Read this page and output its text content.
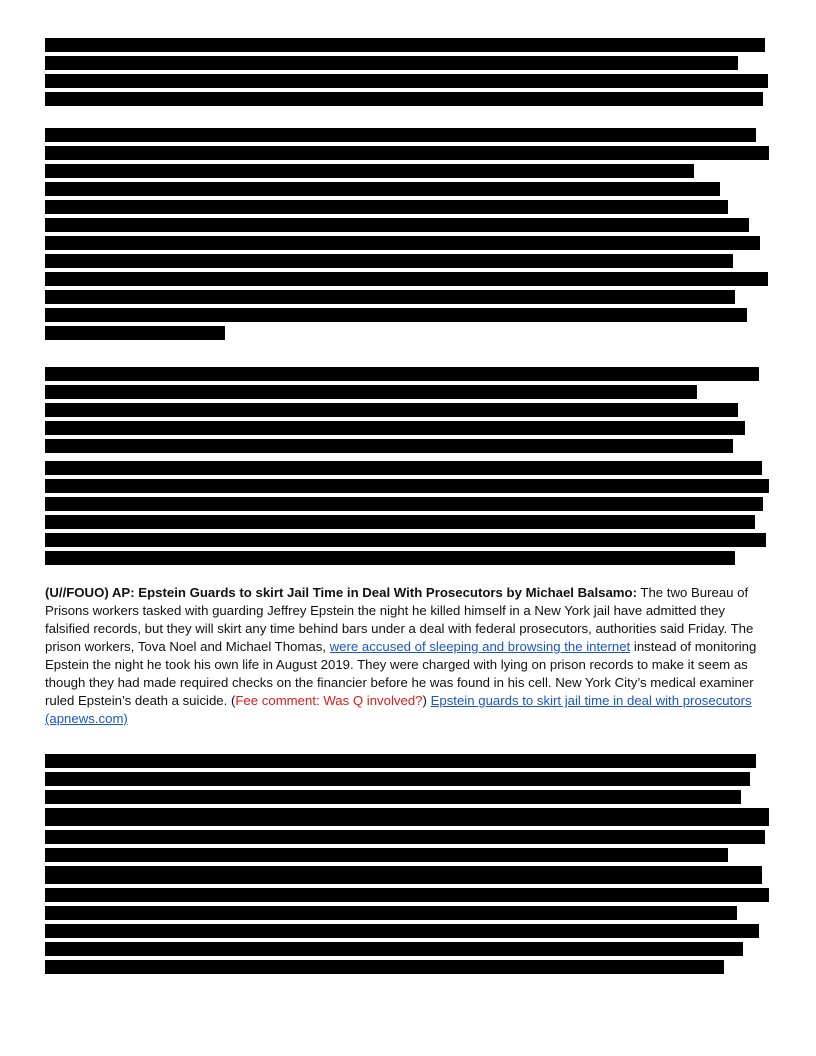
(U//FOUO) AP: Epstein Guards to skirt Jail Time in Deal With Prosecutors by Michael Balsamo: The two Bureau of Prisons workers tasked with guarding Jeffrey Epstein the night he killed himself in a New York jail have admitted they falsified records, but they will skirt any time behind bars under a deal with federal prosecutors, authorities said Friday. The prison workers, Tova Noel and Michael Thomas, were accused of sleeping and browsing the internet instead of monitoring Epstein the night he took his own life in August 2019. They were charged with lying on prison records to make it seem as though they had made required checks on the financier before he was found in his cell. New York City’s medical examiner ruled Epstein’s death a suicide. (Fee comment: Was Q involved?) Epstein guards to skirt jail time in deal with prosecutors (apnews.com)
